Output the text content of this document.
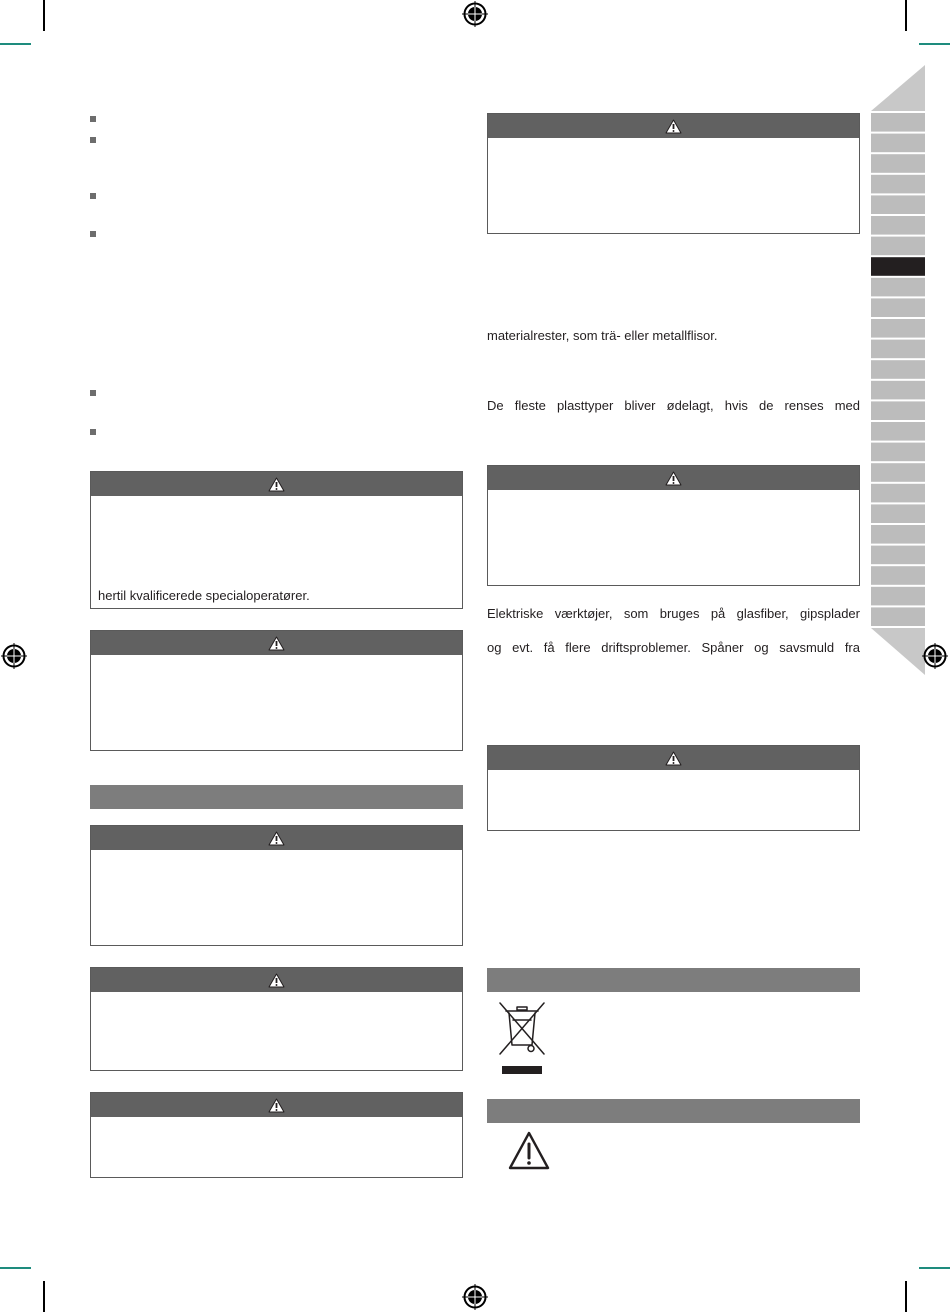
hertil kvalificerede specialoperatører.
materialrester, som trä- eller metallflisor.
De fleste plasttyper bliver ødelagt, hvis de renses med
Elektriske værktøjer, som bruges på glasfiber, gipsplader
og evt. få flere driftsproblemer. Spåner og savsmuld fra
